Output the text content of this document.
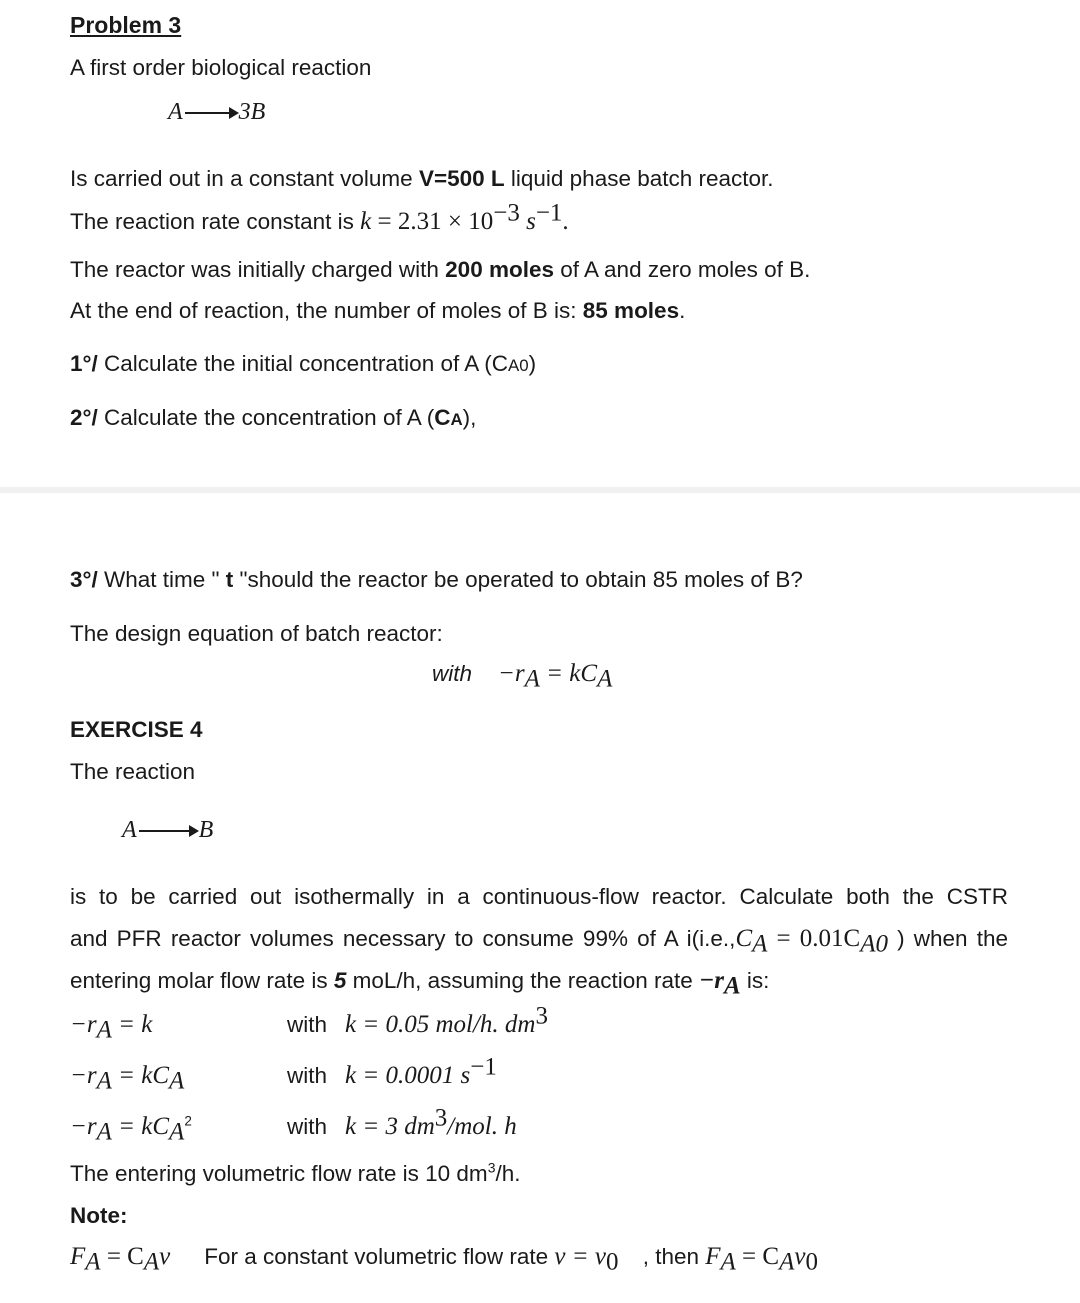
Problem 3
A first order biological reaction
A → 3B
Is carried out in a constant volume V=500 L liquid phase batch reactor.
The reaction rate constant is $k = 2.31 \times 10^{-3}$ $s^{-1}$.
The reactor was initially charged with 200 moles of A and zero moles of B.
At the end of reaction, the number of moles of B is: 85 moles.
1°/ Calculate the initial concentration of A (CA0)
2°/ Calculate the concentration of A (CA),
3°/ What time " t "should the reactor be operated to obtain 85 moles of B?
The design equation of batch reactor:
with $-r_A = kC_A$
EXERCISE 4
The reaction
A → B
is to be carried out isothermally in a continuous-flow reactor. Calculate both the CSTR
and PFR reactor volumes necessary to consume 99% of A $i(i.e.,C_A = 0.01C_{A0}$ ) when the
entering molar flow rate is 5 moL/h, assuming the reaction rate $-r_A$ is:
$-r_A = k$	with k = 0.05 mol/h. $dm^3$
$-r_A = kC_A$	with k = 0.0001 $s^{-1}$
$-r_A = kC_A^2$	with k = 3 $dm^3$/mol. h
The entering volumetric flow rate is 10 $dm^3/h$.
Note:
$F_A = C_Av$ For a constant volumetric flow rate $v = v_0$ , then $F_A = C_Av_0$
